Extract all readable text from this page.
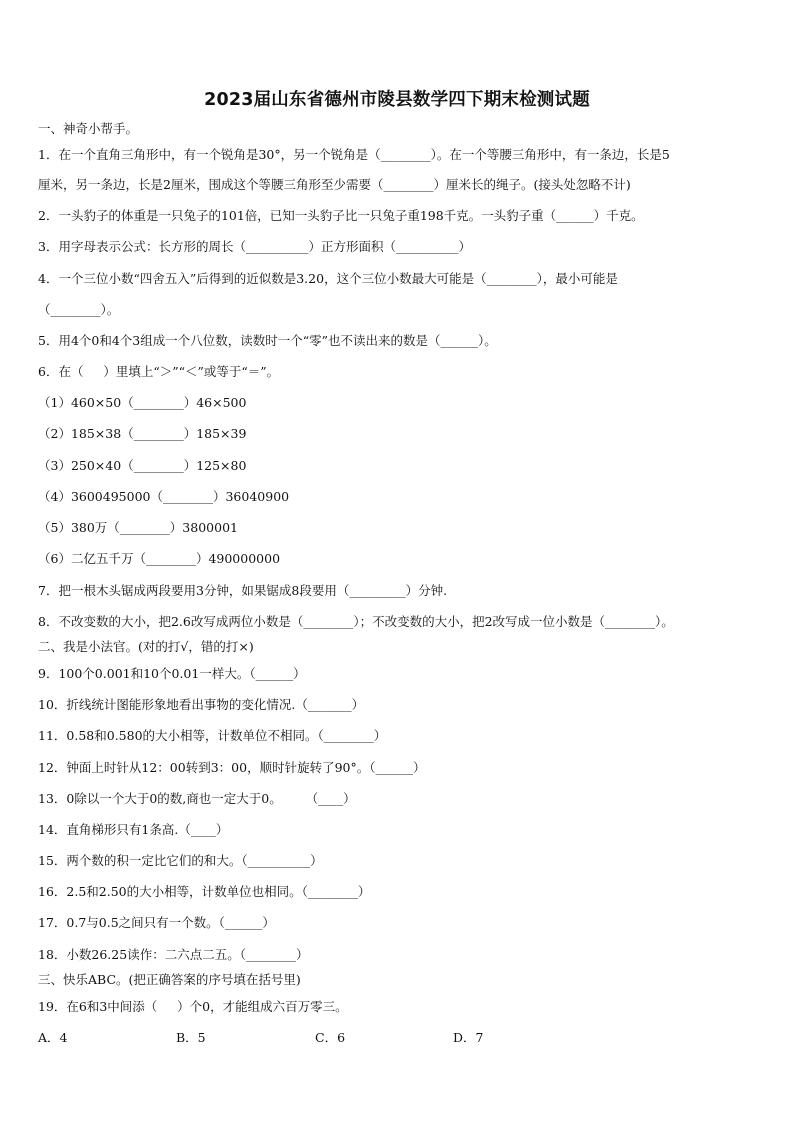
2023届山东省德州市陵县数学四下期末检测试题
一、神奇小帮手。
1．在一个直角三角形中，有一个锐角是30°，另一个锐角是（________）。在一个等腰三角形中，有一条边，长是5
厘米，另一条边，长是2厘米，围成这个等腰三角形至少需要（________）厘米长的绳子。(接头处忽略不计)
2．一头豹子的体重是一只兔子的101倍，已知一头豹子比一只兔子重198千克。一头豹子重（______）千克。
3．用字母表示公式：长方形的周长（__________）正方形面积（__________）
4．一个三位小数“四舍五入”后得到的近似数是3.20，这个三位小数最大可能是（________），最小可能是
（________）。
5．用4个0和4个3组成一个八位数，读数时一个“零”也不读出来的数是（______）。
6．在（     ）里填上“＞”“＜”或等于“＝”。
（1）460×50（________）46×500
（2）185×38（________）185×39
（3）250×40（________）125×80
（4）3600495000（________）36040900
（5）380万（________）3800001
（6）二亿五千万（________）490000000
7．把一根木头锯成两段要用3分钟，如果锯成8段要用（_________）分钟.
8．不改变数的大小，把2.6改写成两位小数是（________）；不改变数的大小，把2改写成一位小数是（________）。
二、我是小法官。(对的打√，错的打×)
9．100个0.001和10个0.01一样大。（______）
10．折线统计图能形象地看出事物的变化情况.（_______）
11．0.58和0.580的大小相等，计数单位不相同。（________）
12．钟面上时针从12：00转到3：00，顺时针旋转了90°。（______）
13．0除以一个大于0的数,商也一定大于0。      （____）
14．直角梯形只有1条高.（____）
15．两个数的积一定比它们的和大。（__________）
16．2.5和2.50的大小相等，计数单位也相同。（________）
17．0.7与0.5之间只有一个数。（______）
18．小数26.25读作：二六点二五。（________）
三、快乐ABC。(把正确答案的序号填在括号里)
19．在6和3中间添（     ）个0，才能组成六百万零三。
A．4	B．5	C．6	D．7
